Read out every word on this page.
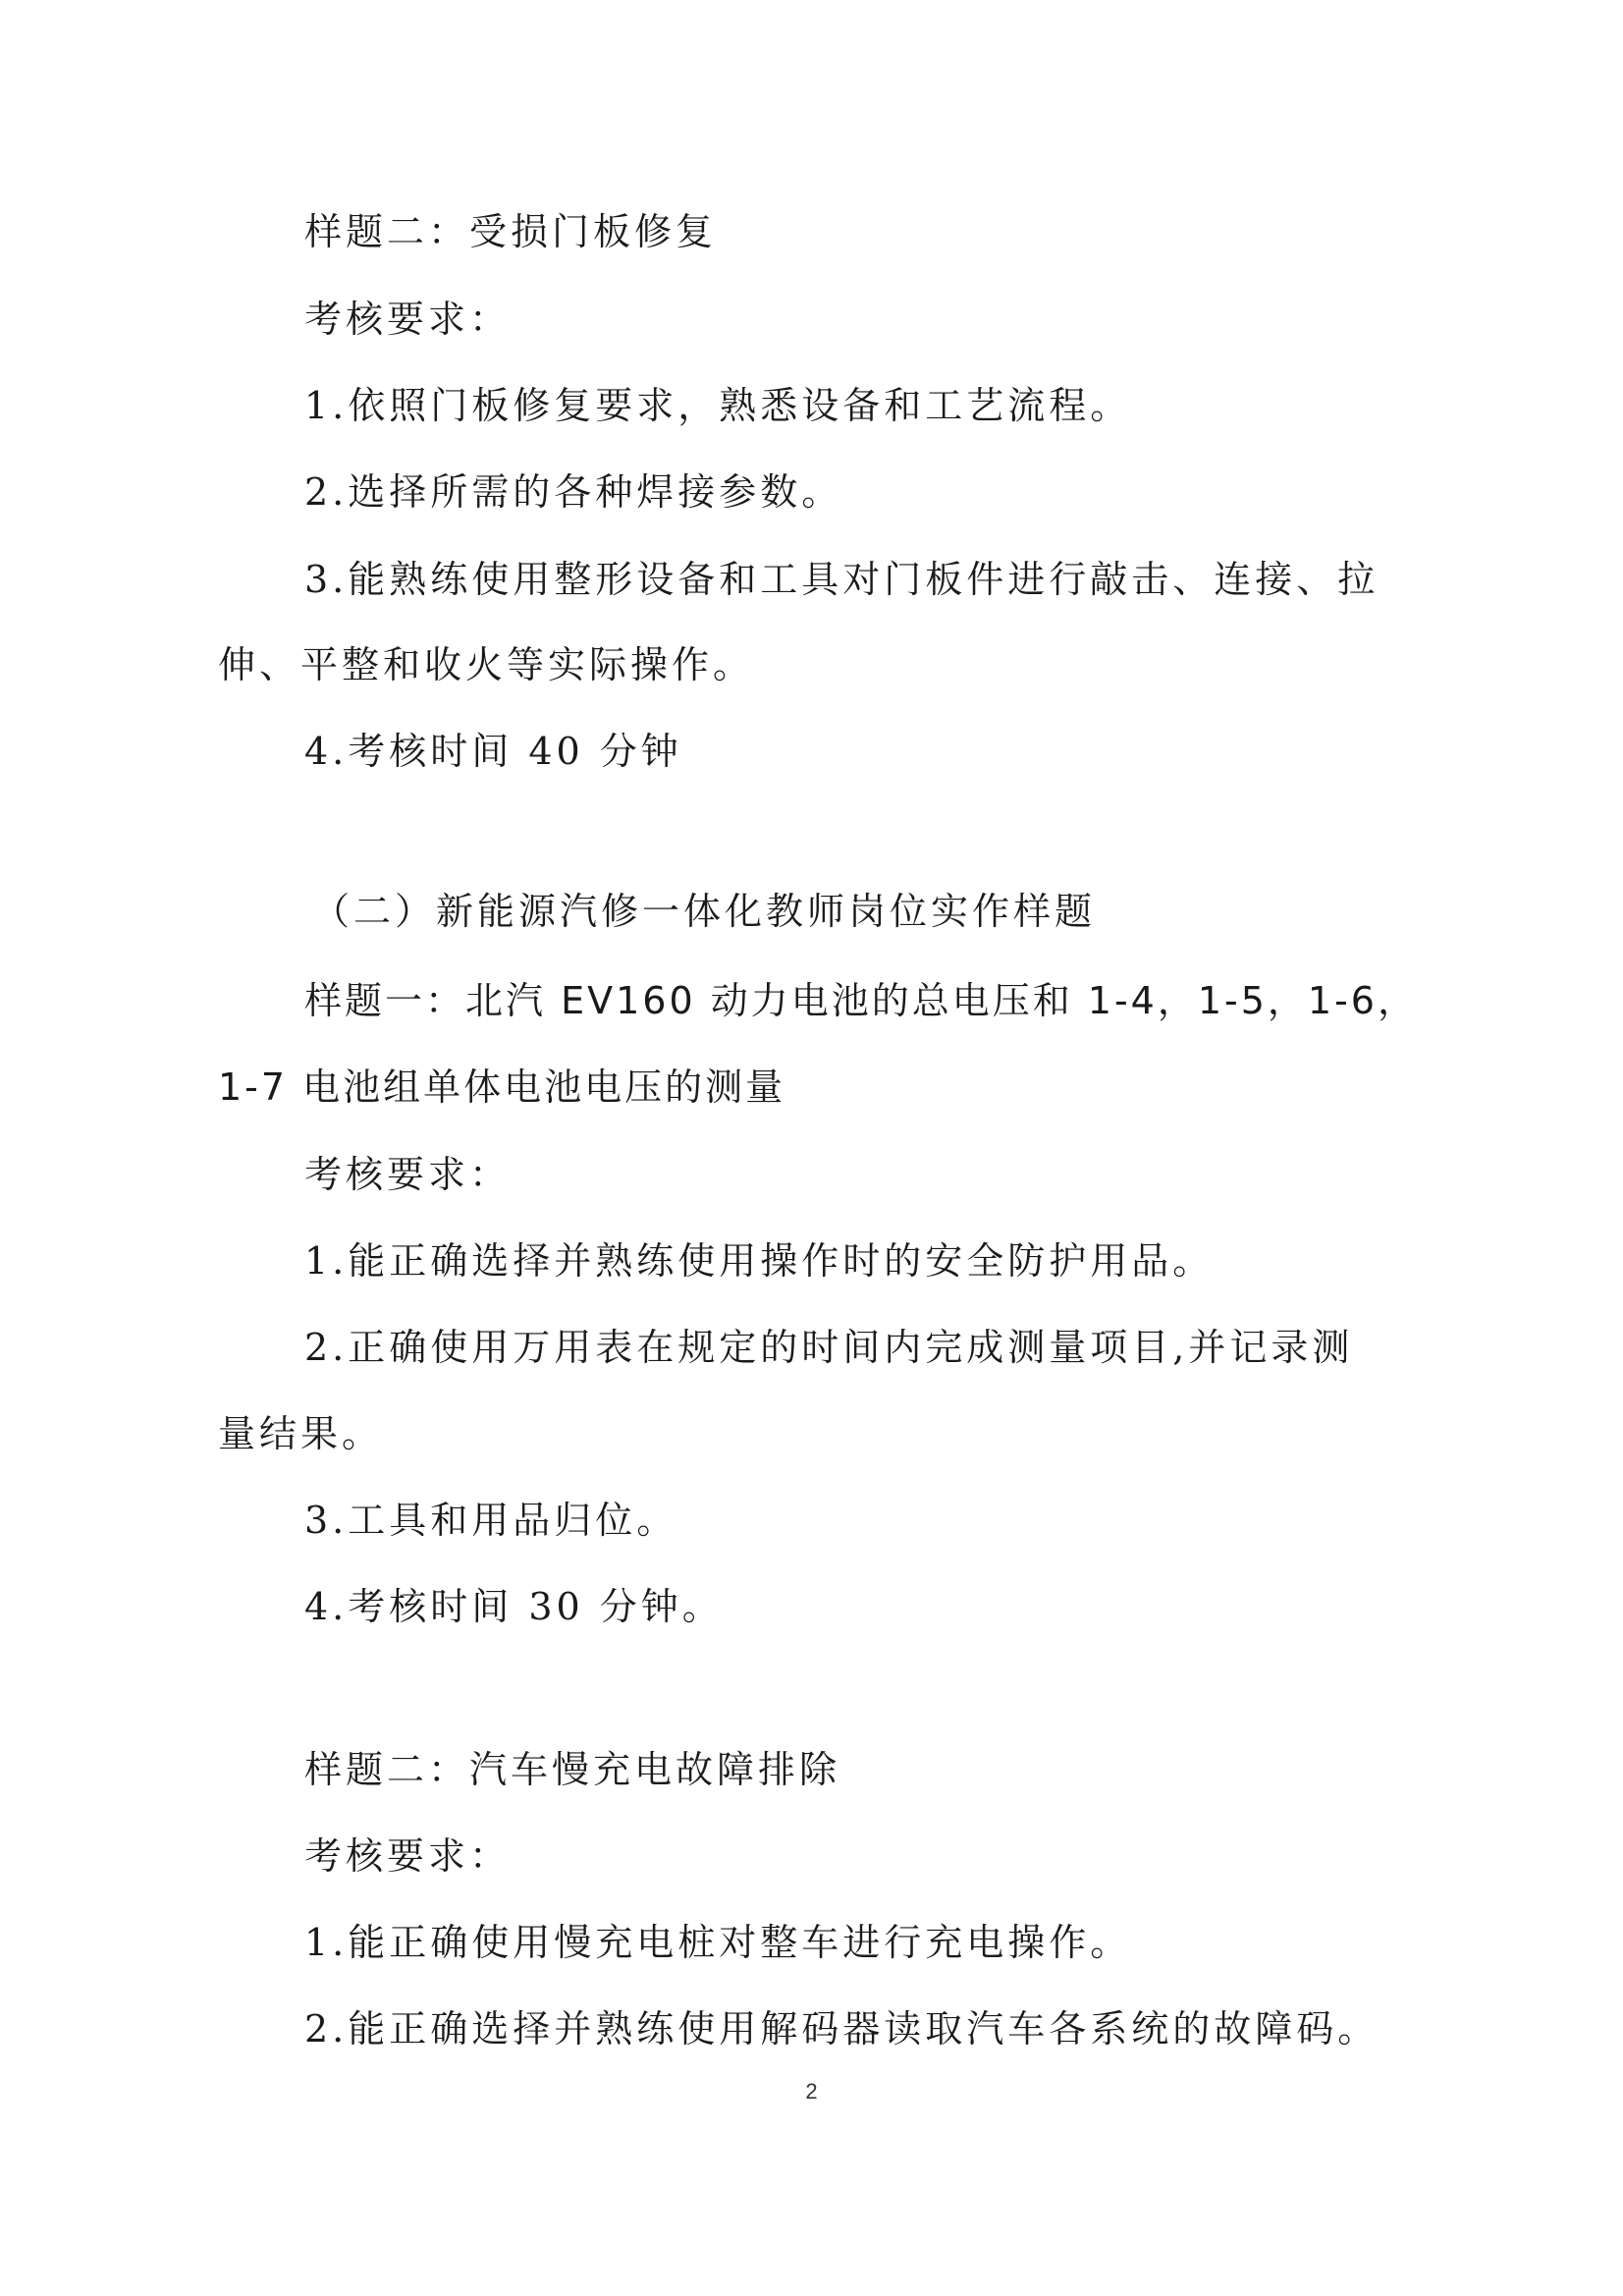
样题二：受损门板修复
考核要求：
1.依照门板修复要求，熟悉设备和工艺流程。
2.选择所需的各种焊接参数。
3.能熟练使用整形设备和工具对门板件进行敲击、连接、拉
伸、平整和收火等实际操作。
4.考核时间 40 分钟
（二）新能源汽修一体化教师岗位实作样题
样题一：北汽 EV160 动力电池的总电压和 1-4，1-5，1-6，
1-7 电池组单体电池电压的测量
考核要求：
1.能正确选择并熟练使用操作时的安全防护用品。
2.正确使用万用表在规定的时间内完成测量项目,并记录测
量结果。
3.工具和用品归位。
4.考核时间 30 分钟。
样题二：汽车慢充电故障排除
考核要求：
1.能正确使用慢充电桩对整车进行充电操作。
2.能正确选择并熟练使用解码器读取汽车各系统的故障码。
2
